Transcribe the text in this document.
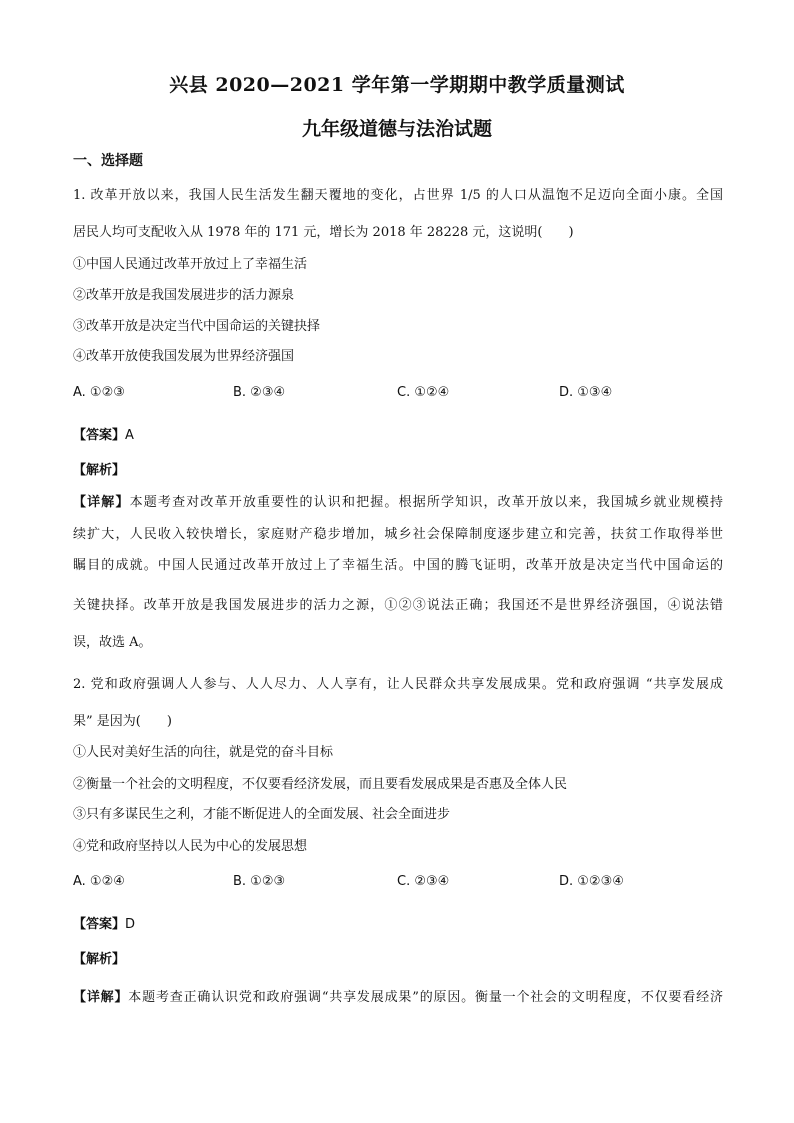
兴县 2020—2021 学年第一学期期中教学质量测试
九年级道德与法治试题
一、选择题
1. 改革开放以来，我国人民生活发生翻天覆地的变化，占世界 1/5 的人口从温饱不足迈向全面小康。全国
居民人均可支配收入从 1978 年的 171 元，增长为 2018 年 28228 元，这说明(　　)
①中国人民通过改革开放过上了幸福生活
②改革开放是我国发展进步的活力源泉
③改革开放是决定当代中国命运的关键抉择
④改革开放使我国发展为世界经济强国
A. ①②③	B. ②③④	C. ①②④	D. ①③④
【答案】A
【解析】
【详解】本题考查对改革开放重要性的认识和把握。根据所学知识，改革开放以来，我国城乡就业规模持
续扩大，人民收入较快增长，家庭财产稳步增加，城乡社会保障制度逐步建立和完善，扶贫工作取得举世
瞩目的成就。中国人民通过改革开放过上了幸福生活。中国的腾飞证明，改革开放是决定当代中国命运的
关键抉择。改革开放是我国发展进步的活力之源，①②③说法正确；我国还不是世界经济强国，④说法错
误，故选 A。
2. 党和政府强调人人参与、人人尽力、人人享有，让人民群众共享发展成果。党和政府强调 “共享发展成
果” 是因为(　　)
①人民对美好生活的向往，就是党的奋斗目标
②衡量一个社会的文明程度，不仅要看经济发展，而且要看发展成果是否惠及全体人民
③只有多谋民生之利，才能不断促进人的全面发展、社会全面进步
④党和政府坚持以人民为中心的发展思想
A. ①②④	B. ①②③	C. ②③④	D. ①②③④
【答案】D
【解析】
【详解】本题考查正确认识党和政府强调“共享发展成果”的原因。衡量一个社会的文明程度，不仅要看经济
